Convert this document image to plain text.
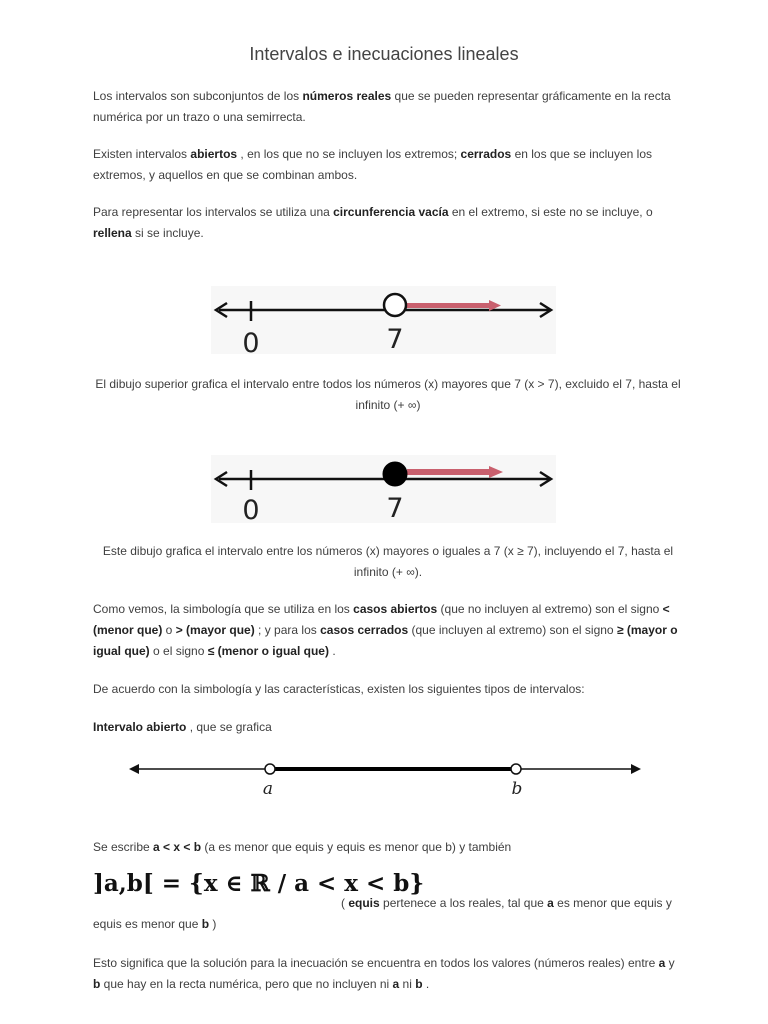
Intervalos e inecuaciones lineales

Los intervalos son subconjuntos de los números reales que se pueden representar gráficamente en la recta numérica por un trazo o una semirrecta.

Existen intervalos abiertos , en los que no se incluyen los extremos; cerrados en los que se incluyen los extremos, y aquellos en que se combinan ambos.

Para representar los intervalos se utiliza una circunferencia vacía en el extremo, si este no se incluye, o rellena si se incluye.

0	7

El dibujo superior grafica el intervalo entre todos los números (x) mayores que 7 (x > 7), excluido el 7, hasta el infinito (+ ∞)

0	7

Este dibujo grafica el intervalo entre los números (x) mayores o iguales a 7 (x ≥ 7), incluyendo el 7, hasta el infinito (+ ∞).

Como vemos, la simbología que se utiliza en los casos abiertos (que no incluyen al extremo) son el signo < (menor que) o > (mayor que) ; y para los casos cerrados (que incluyen al extremo) son el signo ≥ (mayor o igual que) o el signo ≤ (menor o igual que) .

De acuerdo con la simbología y las características, existen los siguientes tipos de intervalos:

Intervalo abierto , que se grafica

a	b

Se escribe a < x < b (a es menor que equis y equis es menor que b) y también

]a,b[ = {x ∈ ℝ / a < x < b}

( equis pertenece a los reales, tal que a es menor que equis y equis es menor que b )

Esto significa que la solución para la inecuación se encuentra en todos los valores (números reales) entre a y b que hay en la recta numérica, pero que no incluyen ni a ni b .
